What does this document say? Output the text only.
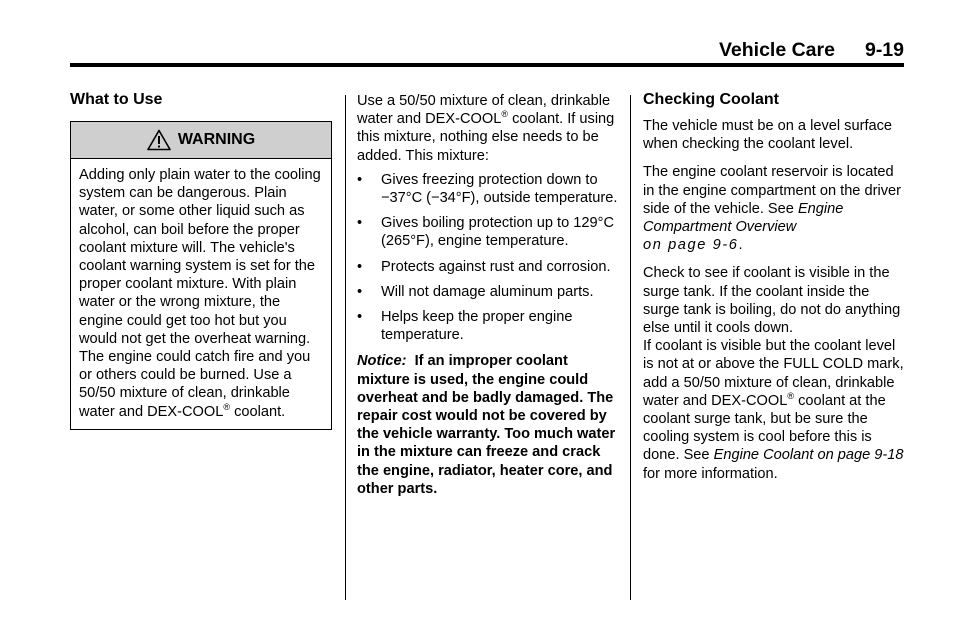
Vehicle Care 9-19
What to Use
WARNING
Adding only plain water to the cooling system can be dangerous. Plain water, or some other liquid such as alcohol, can boil before the proper coolant mixture will. The vehicle's coolant warning system is set for the proper coolant mixture. With plain water or the wrong mixture, the engine could get too hot but you would not get the overheat warning. The engine could catch fire and you or others could be burned. Use a 50/50 mixture of clean, drinkable water and DEX-COOL® coolant.

Use a 50/50 mixture of clean, drinkable water and DEX-COOL® coolant. If using this mixture, nothing else needs to be added. This mixture:

• Gives freezing protection down to −37°C (−34°F), outside temperature.
• Gives boiling protection up to 129°C (265°F), engine temperature.
• Protects against rust and corrosion.
• Will not damage aluminum parts.
• Helps keep the proper engine temperature.

Notice: If an improper coolant mixture is used, the engine could overheat and be badly damaged. The repair cost would not be covered by the vehicle warranty. Too much water in the mixture can freeze and crack the engine, radiator, heater core, and other parts.

Checking Coolant

The vehicle must be on a level surface when checking the coolant level.

The engine coolant reservoir is located in the engine compartment on the driver side of the vehicle. See Engine Compartment Overview
on page 9-6.

Check to see if coolant is visible in the surge tank. If the coolant inside the surge tank is boiling, do not do anything else until it cools down.
If coolant is visible but the coolant level is not at or above the FULL COLD mark, add a 50/50 mixture of clean, drinkable water and DEX-COOL® coolant at the coolant surge tank, but be sure the cooling system is cool before this is done. See Engine Coolant on page 9-18
for more information.
